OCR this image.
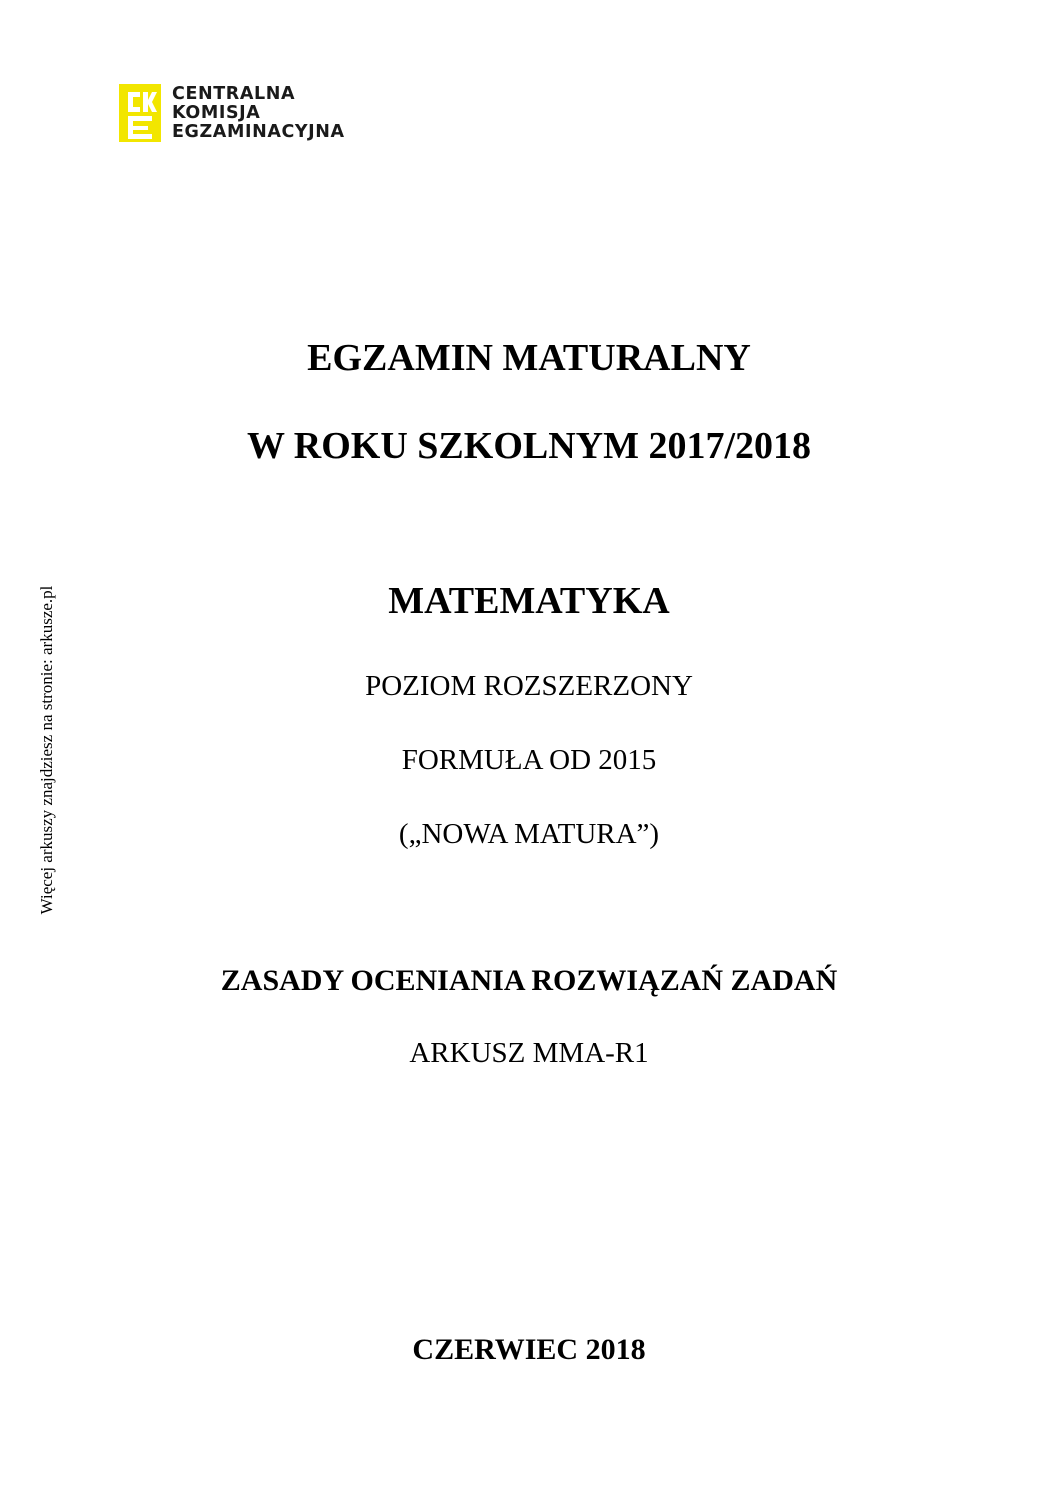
CENTRALNA
KOMISJA
EGZAMINACYJNA
Więcej arkuszy znajdziesz na stronie: arkusze.pl
EGZAMIN MATURALNY
W ROKU SZKOLNYM 2017/2018
MATEMATYKA
POZIOM ROZSZERZONY
FORMUŁA OD 2015
(„NOWA MATURA”)
ZASADY OCENIANIA ROZWIĄZAŃ ZADAŃ
ARKUSZ MMA-R1
CZERWIEC 2018
